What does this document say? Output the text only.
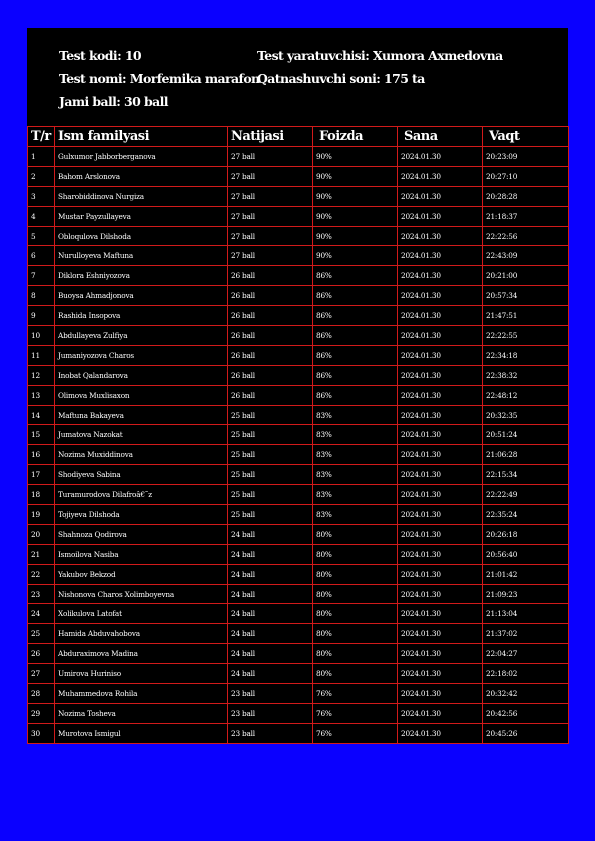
Test kodi: 10
Test nomi: Morfemika marafon
Jami ball: 30 ball
Test yaratuvchisi: Xumora Axmedovna
Qatnashuvchi soni: 175 ta
T/r	Ism familyasi	Natijasi	Foizda	Sana	Vaqt
1	Gulxumor Jabborberganova	27 ball	90%	2024.01.30	20:23:09
2	Bahom Arslonova	27 ball	90%	2024.01.30	20:27:10
3	Sharobiddinova Nurgiza	27 ball	90%	2024.01.30	20:28:28
4	Mustar Payzullayeva	27 ball	90%	2024.01.30	21:18:37
5	Obloqulova Dilshoda	27 ball	90%	2024.01.30	22:22:56
6	Nurulloyeva Maftuna	27 ball	90%	2024.01.30	22:43:09
7	Diklora Eshniyozova	26 ball	86%	2024.01.30	20:21:00
8	Buoysa Ahmadjonova	26 ball	86%	2024.01.30	20:57:34
9	Rashida Insopova	26 ball	86%	2024.01.30	21:47:51
10	Abdullayeva Zulfiya	26 ball	86%	2024.01.30	22:22:55
11	Jumaniyozova Charos	26 ball	86%	2024.01.30	22:34:18
12	Inobat Qalandarova	26 ball	86%	2024.01.30	22:38:32
13	Olimova Muxlisaxon	26 ball	86%	2024.01.30	22:48:12
14	Maftuna Bakayeva	25 ball	83%	2024.01.30	20:32:35
15	Jumatova Nazokat	25 ball	83%	2024.01.30	20:51:24
16	Nozima Muxiddinova	25 ball	83%	2024.01.30	21:06:28
17	Shodiyeva Sabina	25 ball	83%	2024.01.30	22:15:34
18	Turamurodova Dilafroâ€˜z	25 ball	83%	2024.01.30	22:22:49
19	Tojiyeva Dilshoda	25 ball	83%	2024.01.30	22:35:24
20	Shahnoza Qodirova	24 ball	80%	2024.01.30	20:26:18
21	Ismoilova Nasiba	24 ball	80%	2024.01.30	20:56:40
22	Yakubov Bekzod	24 ball	80%	2024.01.30	21:01:42
23	Nishonova Charos Xolimboyevna	24 ball	80%	2024.01.30	21:09:23
24	Xolikulova Latofat	24 ball	80%	2024.01.30	21:13:04
25	Hamida Abduvahobova	24 ball	80%	2024.01.30	21:37:02
26	Abduraximova Madina	24 ball	80%	2024.01.30	22:04:27
27	Umirova Huriniso	24 ball	80%	2024.01.30	22:18:02
28	Muhammedova Rohila	23 ball	76%	2024.01.30	20:32:42
29	Nozima Tosheva	23 ball	76%	2024.01.30	20:42:56
30	Murotova Ismigul	23 ball	76%	2024.01.30	20:45:26
